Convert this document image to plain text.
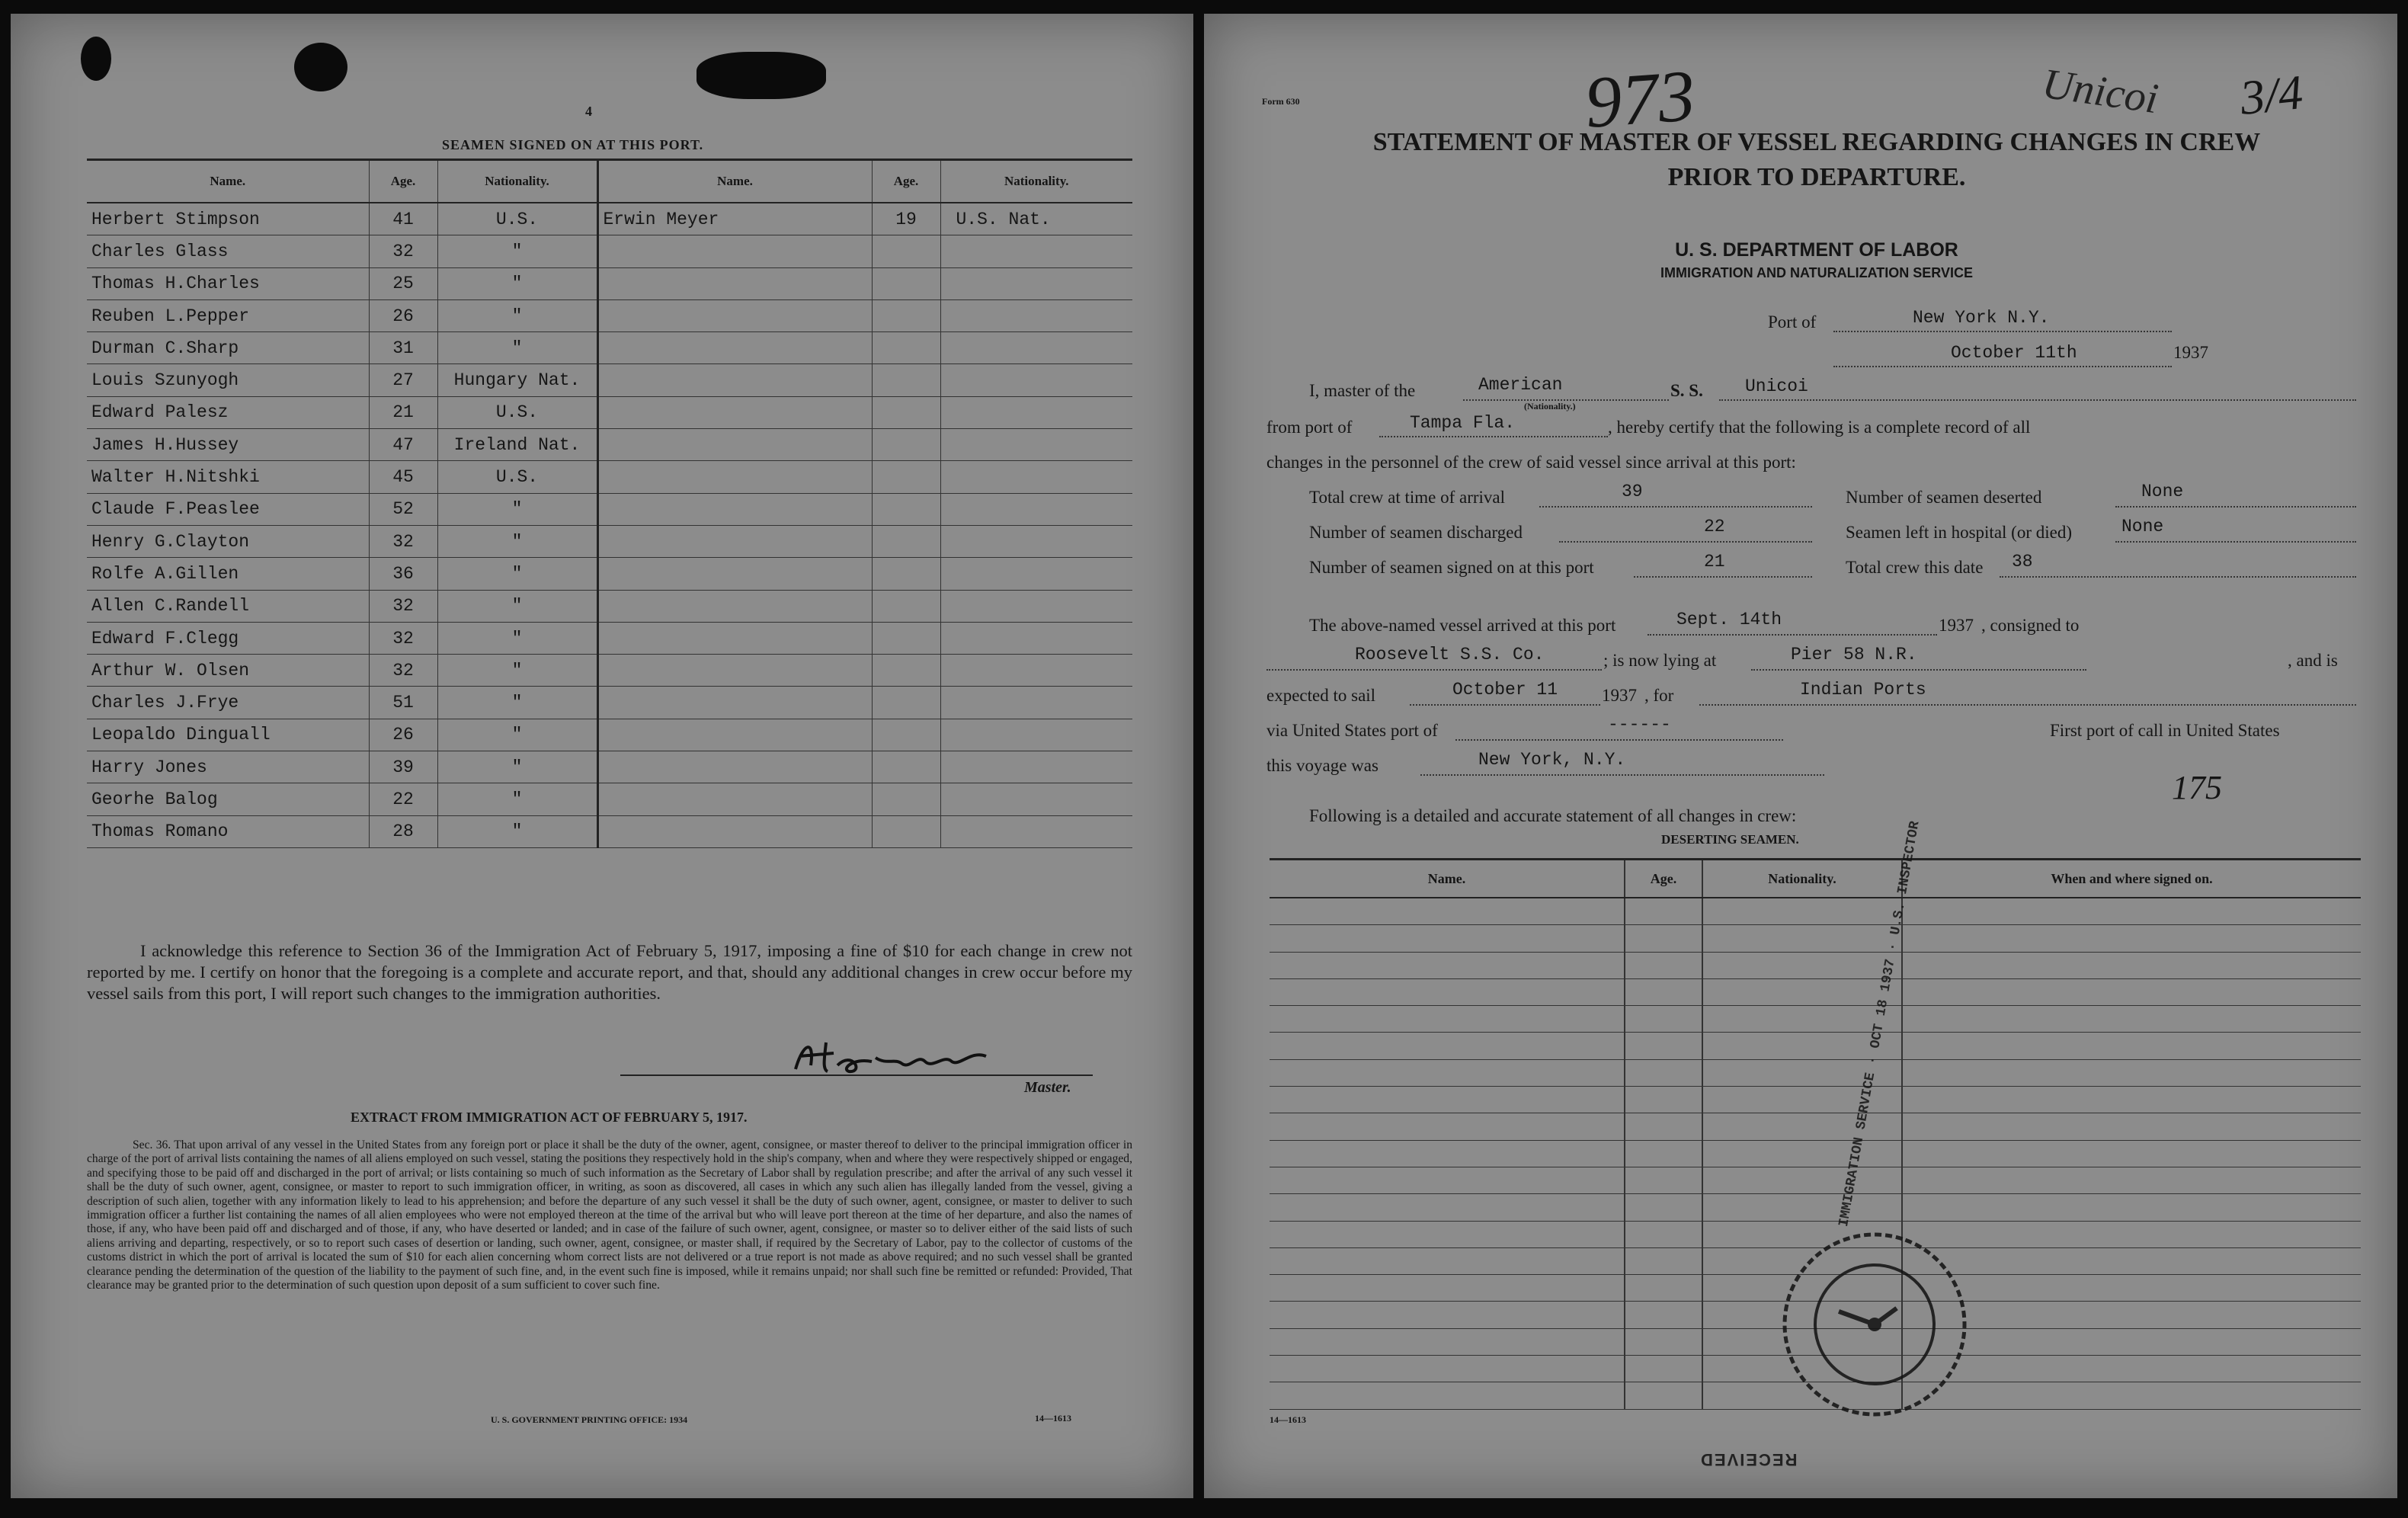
4
SEAMEN SIGNED ON AT THIS PORT.
Name.	Age.	Nationality.	Name.	Age.	Nationality.
Herbert Stimpson	41	U.S.	Erwin Meyer	19	U.S. Nat.
Charles Glass	32	"			
Thomas H.Charles	25	"			
Reuben L.Pepper	26	"			
Durman C.Sharp	31	"			
Louis Szunyogh	27	Hungary Nat.			
Edward Palesz	21	U.S.			
James H.Hussey	47	Ireland Nat.			
Walter H.Nitshki	45	U.S.			
Claude F.Peaslee	52	"			
Henry G.Clayton	32	"			
Rolfe A.Gillen	36	"			
Allen C.Randell	32	"			
Edward F.Clegg	32	"			
Arthur W. Olsen	32	"			
Charles J.Frye	51	"			
Leopaldo Dinguall	26	"			
Harry Jones	39	"			
Georhe Balog	22	"			
Thomas Romano	28	"			
I acknowledge this reference to Section 36 of the Immigration Act of February 5, 1917, imposing a fine of $10 for each change in crew not reported by me. I certify on honor that the foregoing is a complete and accurate report, and that, should any additional changes in crew occur before my vessel sails from this port, I will report such changes to the immigration authorities.
Master.
EXTRACT FROM IMMIGRATION ACT OF FEBRUARY 5, 1917.
Sec. 36. That upon arrival of any vessel in the United States from any foreign port or place it shall be the duty of the owner, agent, consignee, or master thereof to deliver to the principal immigration officer in charge of the port of arrival lists containing the names of all aliens employed on such vessel, stating the positions they respectively hold in the ship's company, when and where they were respectively shipped or engaged, and specifying those to be paid off and discharged in the port of arrival; or lists containing so much of such information as the Secretary of Labor shall by regulation prescribe; and after the arrival of any such vessel it shall be the duty of such owner, agent, consignee, or master to report to such immigration officer, in writing, as soon as discovered, all cases in which any such alien has illegally landed from the vessel, giving a description of such alien, together with any information likely to lead to his apprehension; and before the departure of any such vessel it shall be the duty of such owner, agent, consignee, or master to deliver to such immigration officer a further list containing the names of all alien employees who were not employed thereon at the time of the arrival but who will leave port thereon at the time of her departure, and also the names of those, if any, who have been paid off and discharged and of those, if any, who have deserted or landed; and in case of the failure of such owner, agent, consignee, or master so to deliver either of the said lists of such aliens arriving and departing, respectively, or so to report such cases of desertion or landing, such owner, agent, consignee, or master shall, if required by the Secretary of Labor, pay to the collector of customs of the customs district in which the port of arrival is located the sum of $10 for each alien concerning whom correct lists are not delivered or a true report is not made as above required; and no such vessel shall be granted clearance pending the determination of the question of the liability to the payment of such fine, and, in the event such fine is imposed, while it remains unpaid; nor shall such fine be remitted or refunded: Provided, That clearance may be granted prior to the determination of such question upon deposit of a sum sufficient to cover such fine.
U. S. GOVERNMENT PRINTING OFFICE: 1934	14—1613
Form 630	973	Unicoi 3/4
STATEMENT OF MASTER OF VESSEL REGARDING CHANGES IN CREW
PRIOR TO DEPARTURE.
U. S. DEPARTMENT OF LABOR
IMMIGRATION AND NATURALIZATION SERVICE
Port of	New York N.Y.
October 11th	1937
I, master of the	American
(Nationality.)
S. S. Unicoi
from port of	Tampa Fla.	, hereby certify that the following is a complete record of all
changes in the personnel of the crew of said vessel since arrival at this port:
Total crew at time of arrival	39	Number of seamen deserted	None
Number of seamen discharged	22	Seamen left in hospital (or died)	None
Number of seamen signed on at this port	21	Total crew this date 38
The above-named vessel arrived at this port	Sept. 14th	1937 , consigned to
Roosevelt S.S. Co.	; is now lying at	Pier 58 N.R.	, and is
expected to sail	October 11	1937 , for	Indian Ports
via United States port of	------	First port of call in United States
this voyage was	New York, N.Y.
175
Following is a detailed and accurate statement of all changes in crew:
DESERTING SEAMEN.
Name.	Age.	Nationality.	When and where signed on.

IMMIGRATION SERVICE · OCT 18 1937 · U.S. INSPECTOR
RECEIVED
14—1613
